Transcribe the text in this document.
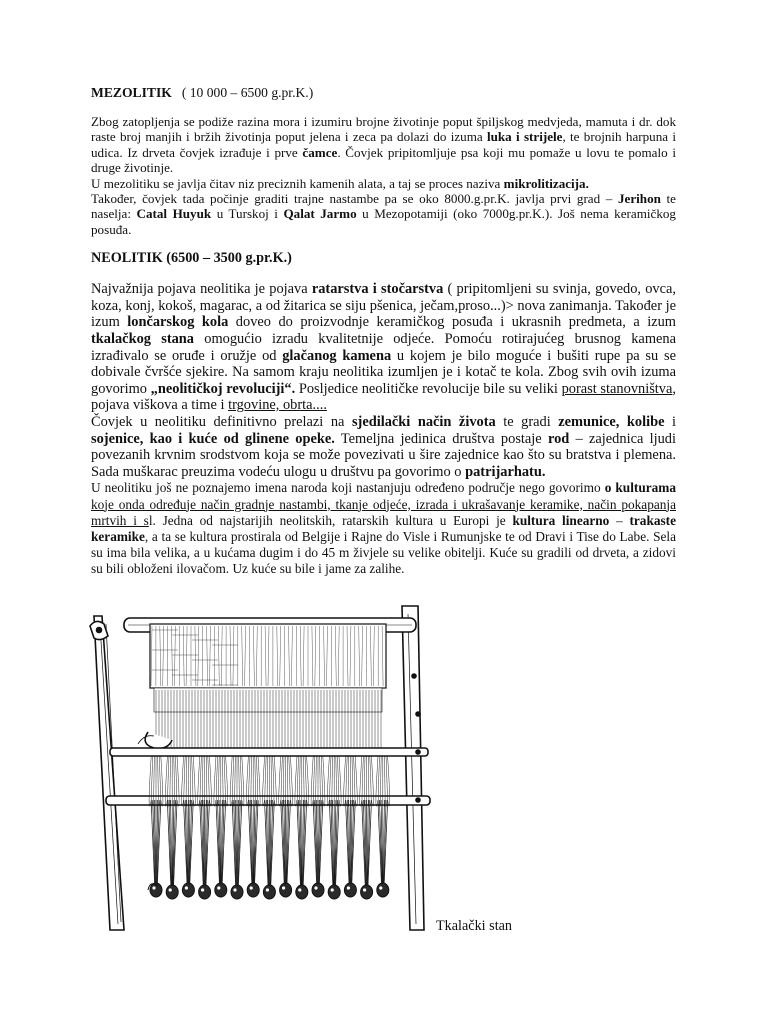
MEZOLITIK ( 10 000 – 6500 g.pr.K.)

Zbog zatopljenja se podiže razina mora i izumiru brojne životinje poput špiljskog medvjeda, mamuta i dr. dok raste broj manjih i bržih životinja poput jelena i zeca pa dolazi do izuma luka i strijele, te brojnih harpuna i udica. Iz drveta čovjek izrađuje i prve čamce. Čovjek pripitomljuje psa koji mu pomaže u lovu te pomalo i druge životinje.

U mezolitiku se javlja čitav niz preciznih kamenih alata, a taj se proces naziva mikrolitizacija.

Također, čovjek tada počinje graditi trajne nastambe pa se oko 8000.g.pr.K. javlja prvi grad – Jerihon te naselja: Catal Huyuk u Turskoj i Qalat Jarmo u Mezopotamiji (oko 7000g.pr.K.). Još nema keramičkog posuđa.

NEOLITIK (6500 – 3500 g.pr.K.)

Najvažnija pojava neolitika je pojava ratarstva i stočarstva ( pripitomljeni su svinja, govedo, ovca, koza, konj, kokoš, magarac, a od žitarica se siju pšenica, ječam,proso...)> nova zanimanja. Također je izum lončarskog kola doveo do proizvodnje keramičkog posuđa i ukrasnih predmeta, a izum tkalačkog stana omogućio izradu kvalitetnije odjeće. Pomoću rotirajućeg brusnog kamena izrađivalo se oruđe i oružje od glačanog kamena u kojem je bilo moguće i bušiti rupe pa su se dobivale čvršće sjekire. Na samom kraju neolitika izumljen je i kotač te kola. Zbog svih ovih izuma govorimo „neolitičkoj revoluciji“. Posljedice neolitičke revolucije bile su veliki porast stanovništva, pojava viškova a time i trgovine, obrta....

Čovjek u neolitiku definitivno prelazi na sjedilački način života te gradi zemunice, kolibe i sojenice, kao i kuće od glinene opeke. Temeljna jedinica društva postaje rod – zajednica ljudi povezanih krvnim srodstvom koja se može povezivati u šire zajednice kao što su bratstva i plemena. Sada muškarac preuzima vodeću ulogu u društvu pa govorimo o patrijarhatu.

U neolitiku još ne poznajemo imena naroda koji nastanjuju određeno područje nego govorimo o kulturama koje onda određuje način gradnje nastambi, tkanje odjeće, izrada i ukrašavanje keramike, način pokapanja mrtvih i sl. Jedna od najstarijih neolitskih, ratarskih kultura u Europi je kultura linearno – trakaste keramike, a ta se kultura prostirala od Belgije i Rajne do Visle i Rumunjske te od Dravi i Tise do Labe. Sela su ima bila velika, a u kućama dugim i do 45 m živjele su velike obitelji. Kuće su gradili od drveta, a zidovi su bili obloženi ilovačom. Uz kuće su bile i jame za zalihe.

Tkalački stan
